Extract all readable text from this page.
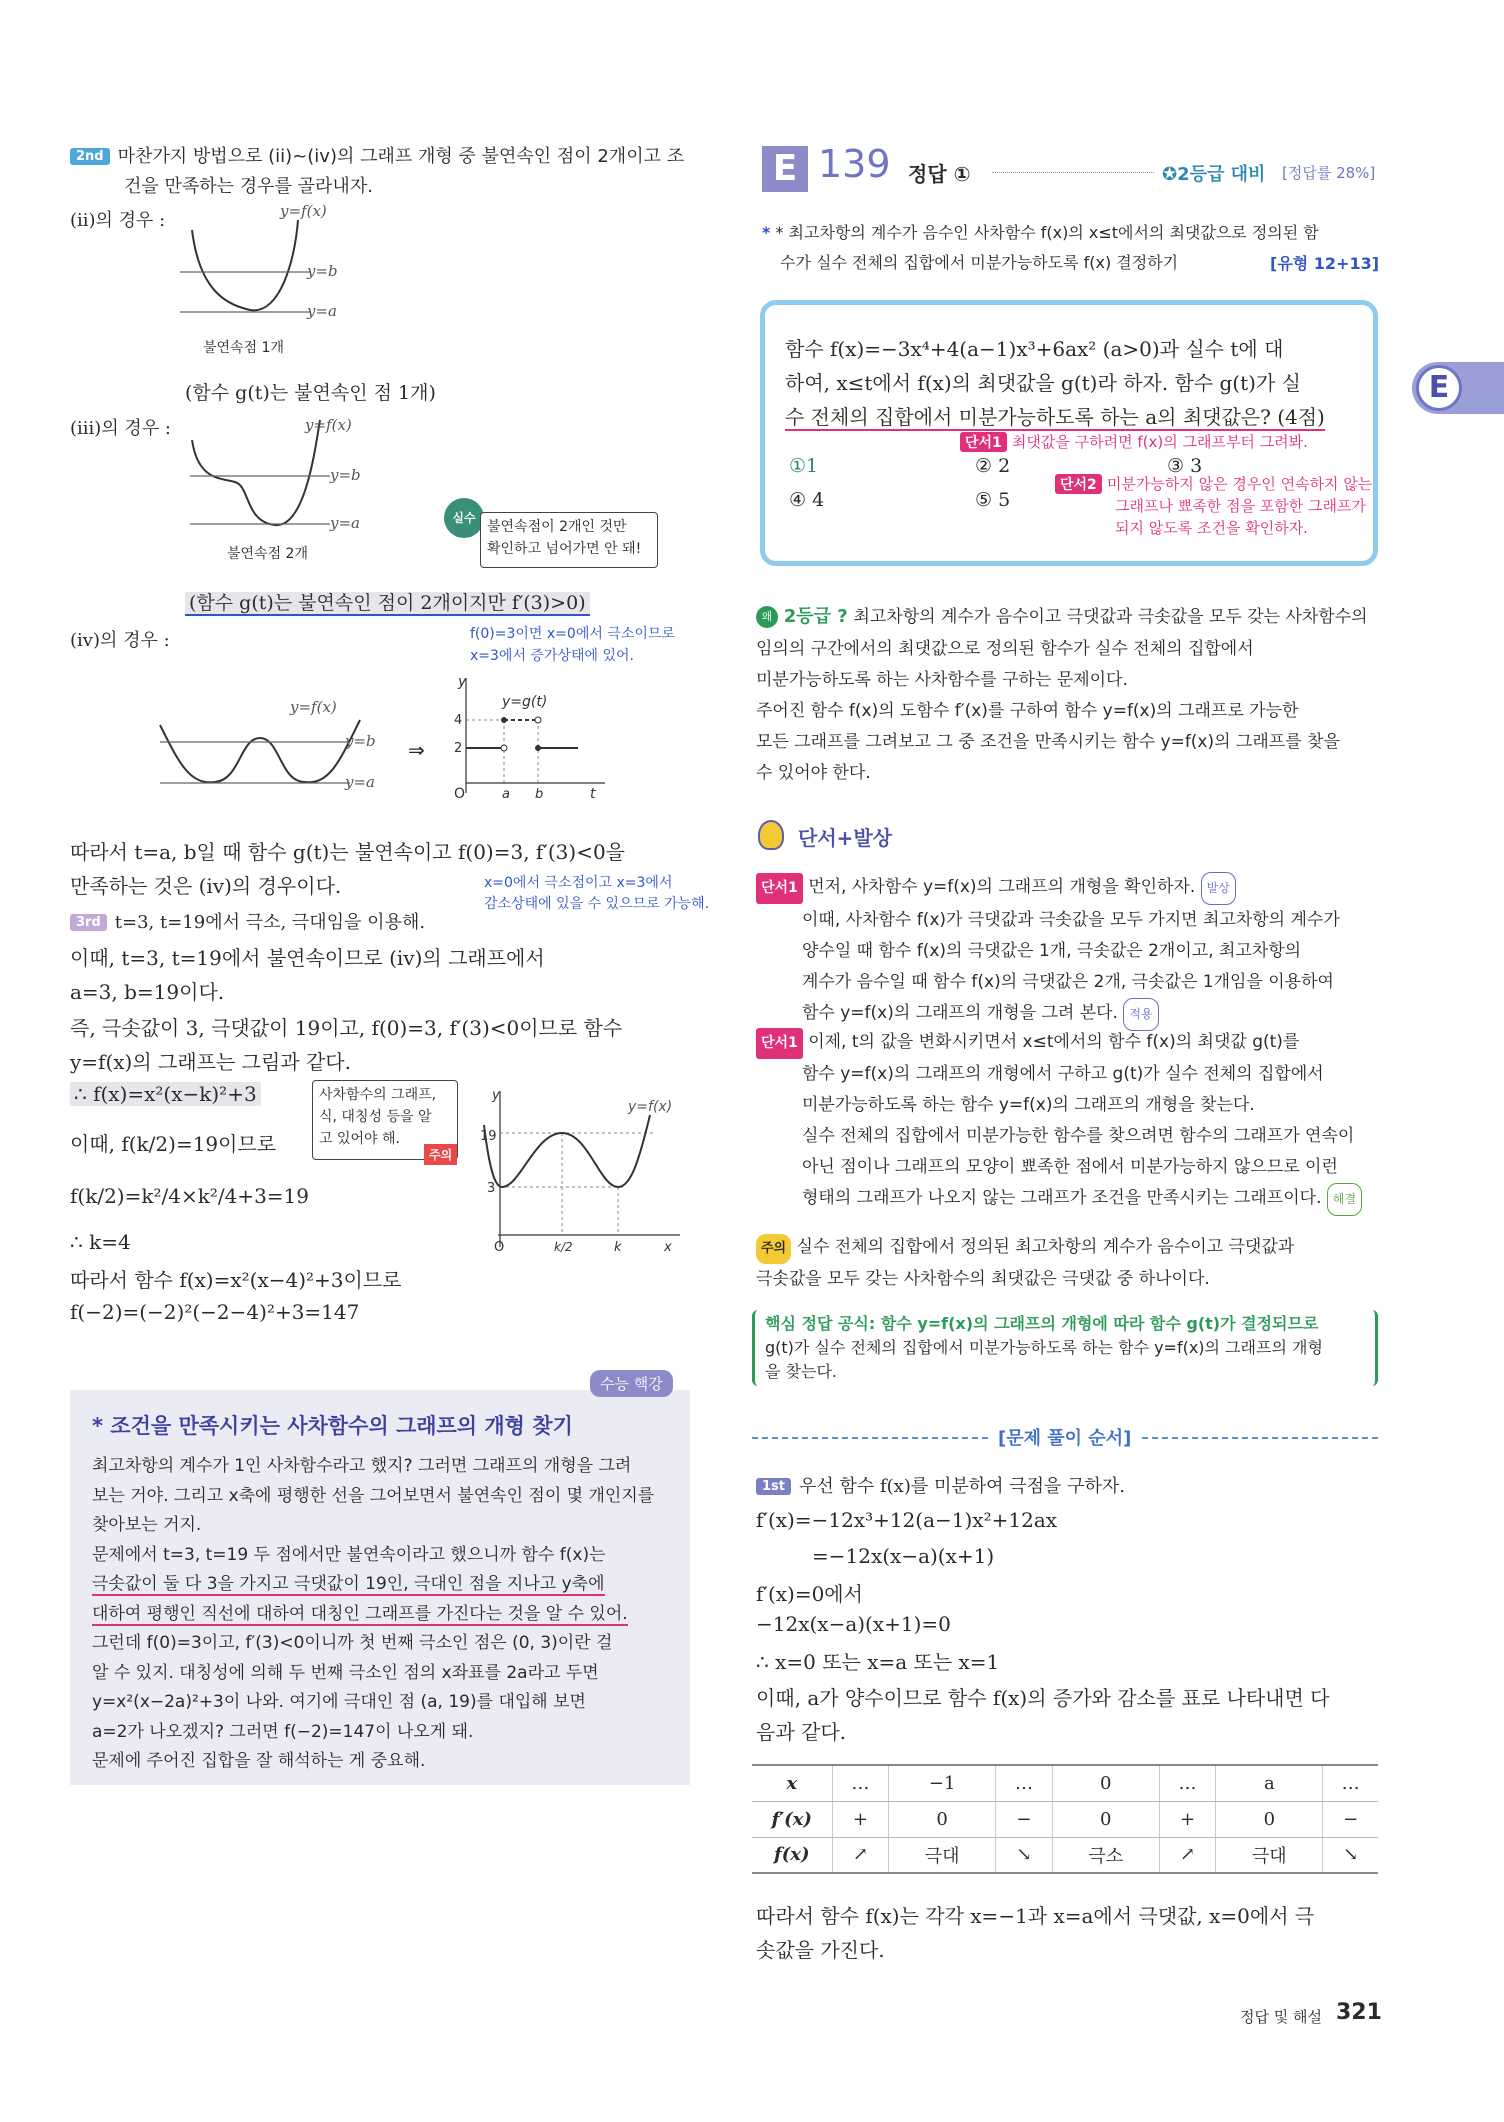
2nd 마찬가지 방법으로 (ii)~(iv)의 그래프 개형 중 불연속인 점이 2개이고 조
건을 만족하는 경우를 골라내자.
(ii)의 경우 :	y=f(x)
y=b
y=a
불연속점 1개
(함수 g(t)는 불연속인 점 1개)
(iii)의 경우 :	y=f(x)
y=b
y=a
불연속점 2개
실수
불연속점이 2개인 것만
확인하고 넘어가면 안 돼!
(함수 g(t)는 불연속인 점이 2개이지만 f′(3)>0)
(iv)의 경우 :	f(0)=3이면 x=0에서 극소이므로
x=3에서 증가상태에 있어.
y=f(x)
y=b
y=a
⇒
y
t
O
4
2
a b
y=g(t)
따라서 t=a, b일 때 함수 g(t)는 불연속이고 f(0)=3, f′(3)<0을
만족하는 것은 (iv)의 경우이다.	x=0에서 극소점이고 x=3에서
감소상태에 있을 수 있으므로 가능해.
3rd t=3, t=19에서 극소, 극대임을 이용해.
이때, t=3, t=19에서 불연속이므로 (iv)의 그래프에서
a=3, b=19이다.
즉, 극솟값이 3, 극댓값이 19이고, f(0)=3, f′(3)<0이므로 함수
y=f(x)의 그래프는 그림과 같다.
∴ f(x)=x²(x−k)²+3	사차함수의 그래프,
식, 대칭성 등을 알
고 있어야 해.
주의
이때, f(k/2)=19이므로
f(k/2)=k²/4×k²/4+3=19
∴ k=4
따라서 함수 f(x)=x²(x−4)²+3이므로
f(−2)=(−2)²(−2−4)²+3=147
y
19
3
O	k/2	k	x
y=f(x)
수능 핵강
* 조건을 만족시키는 사차함수의 그래프의 개형 찾기
최고차항의 계수가 1인 사차함수라고 했지? 그러면 그래프의 개형을 그려
보는 거야. 그리고 x축에 평행한 선을 그어보면서 불연속인 점이 몇 개인지를
찾아보는 거지.
문제에서 t=3, t=19 두 점에서만 불연속이라고 했으니까 함수 f(x)는
극솟값이 둘 다 3을 가지고 극댓값이 19인, 극대인 점을 지나고 y축에
대하여 평행인 직선에 대하여 대칭인 그래프를 가진다는 것을 알 수 있어.
그런데 f(0)=3이고, f′(3)<0이니까 첫 번째 극소인 점은 (0, 3)이란 걸
알 수 있지. 대칭성에 의해 두 번째 극소인 점의 x좌표를 2a라고 두면
y=x²(x−2a)²+3이 나와. 여기에 극대인 점 (a, 19)를 대입해 보면
a=2가 나오겠지? 그러면 f(−2)=147이 나오게 돼.
문제에 주어진 집합을 잘 해석하는 게 중요해.
E 139 정답 ①	✪2등급 대비 [정답률 28%]
* * 최고차항의 계수가 음수인 사차함수 f(x)의 x≤t에서의 최댓값으로 정의된 함
수가 실수 전체의 집합에서 미분가능하도록 f(x) 결정하기	[유형 12+13]
함수 f(x)=−3x⁴+4(a−1)x³+6ax² (a>0)과 실수 t에 대
하여, x≤t에서 f(x)의 최댓값을 g(t)라 하자. 함수 g(t)가 실
수 전체의 집합에서 미분가능하도록 하는 a의 최댓값은? (4점)
단서1 최댓값을 구하려면 f(x)의 그래프부터 그려봐.
①1	② 2	③ 3
④ 4	⑤ 5
단서2 미분가능하지 않은 경우인 연속하지 않는
그래프나 뾰족한 점을 포함한 그래프가
되지 않도록 조건을 확인하자.
왜 2등급 ? 최고차항의 계수가 음수이고 극댓값과 극솟값을 모두 갖는 사차함수의
임의의 구간에서의 최댓값으로 정의된 함수가 실수 전체의 집합에서
미분가능하도록 하는 사차함수를 구하는 문제이다.
주어진 함수 f(x)의 도함수 f′(x)를 구하여 함수 y=f(x)의 그래프로 가능한
모든 그래프를 그려보고 그 중 조건을 만족시키는 함수 y=f(x)의 그래프를 찾을
수 있어야 한다.
단서+발상
단서1 먼저, 사차함수 y=f(x)의 그래프의 개형을 확인하자. 발상
이때, 사차함수 f(x)가 극댓값과 극솟값을 모두 가지면 최고차항의 계수가
양수일 때 함수 f(x)의 극댓값은 1개, 극솟값은 2개이고, 최고차항의
계수가 음수일 때 함수 f(x)의 극댓값은 2개, 극솟값은 1개임을 이용하여
함수 y=f(x)의 그래프의 개형을 그려 본다. 적용
단서1 이제, t의 값을 변화시키면서 x≤t에서의 함수 f(x)의 최댓값 g(t)를
함수 y=f(x)의 그래프의 개형에서 구하고 g(t)가 실수 전체의 집합에서
미분가능하도록 하는 함수 y=f(x)의 그래프의 개형을 찾는다.
실수 전체의 집합에서 미분가능한 함수를 찾으려면 함수의 그래프가 연속이
아닌 점이나 그래프의 모양이 뾰족한 점에서 미분가능하지 않으므로 이런
형태의 그래프가 나오지 않는 그래프가 조건을 만족시키는 그래프이다. 해결
주의 실수 전체의 집합에서 정의된 최고차항의 계수가 음수이고 극댓값과
극솟값을 모두 갖는 사차함수의 최댓값은 극댓값 중 하나이다.
핵심 정답 공식: 함수 y=f(x)의 그래프의 개형에 따라 함수 g(t)가 결정되므로
g(t)가 실수 전체의 집합에서 미분가능하도록 하는 함수 y=f(x)의 그래프의 개형
을 찾는다.
[문제 풀이 순서]
1st 우선 함수 f(x)를 미분하여 극점을 구하자.
f′(x)=−12x³+12(a−1)x²+12ax
=−12x(x−a)(x+1)
f′(x)=0에서
−12x(x−a)(x+1)=0
∴ x=0 또는 x=a 또는 x=1
이때, a가 양수이므로 함수 f(x)의 증가와 감소를 표로 나타내면 다
음과 같다.
x	…	−1	…	0	…	a	…
f′(x)	+	0	−	0	+	0	−
f(x)	↗	극대	↘	극소	↗	극대	↘
따라서 함수 f(x)는 각각 x=−1과 x=a에서 극댓값, x=0에서 극
솟값을 가진다.
정답 및 해설 321
E
